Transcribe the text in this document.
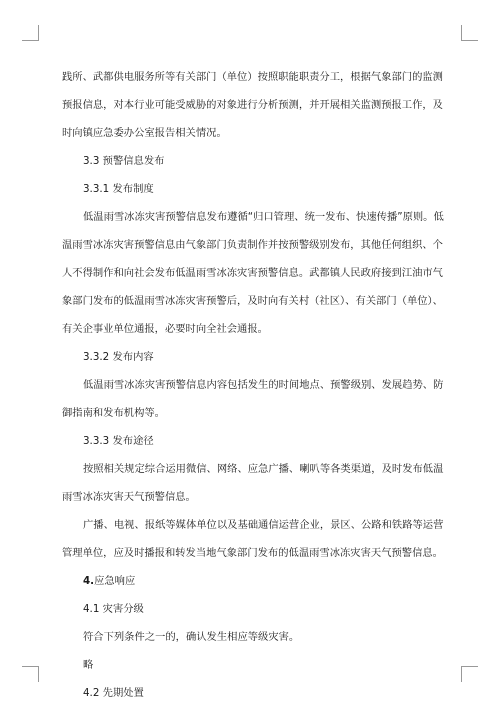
践所、武都供电服务所等有关部门（单位）按照职能职责分工，根据气象部门的监测
预报信息，对本行业可能受威胁的对象进行分析预测，并开展相关监测预报工作，及
时向镇应急委办公室报告相关情况。
3.3 预警信息发布
3.3.1 发布制度
低温雨雪冰冻灾害预警信息发布遵循“归口管理、统一发布、快速传播”原则。低
温雨雪冰冻灾害预警信息由气象部门负责制作并按预警级别发布，其他任何组织、个
人不得制作和向社会发布低温雨雪冰冻灾害预警信息。武都镇人民政府接到江油市气
象部门发布的低温雨雪冰冻灾害预警后，及时向有关村（社区）、有关部门（单位）、
有关企事业单位通报，必要时向全社会通报。
3.3.2 发布内容
低温雨雪冰冻灾害预警信息内容包括发生的时间地点、预警级别、发展趋势、防
御指南和发布机构等。
3.3.3 发布途径
按照相关规定综合运用微信、网络、应急广播、喇叭等各类渠道，及时发布低温
雨雪冰冻灾害天气预警信息。
广播、电视、报纸等媒体单位以及基础通信运营企业，景区、公路和铁路等运营
管理单位，应及时播报和转发当地气象部门发布的低温雨雪冰冻灾害天气预警信息。
4.应急响应
4.1 灾害分级
符合下列条件之一的，确认发生相应等级灾害。
略
4.2 先期处置
